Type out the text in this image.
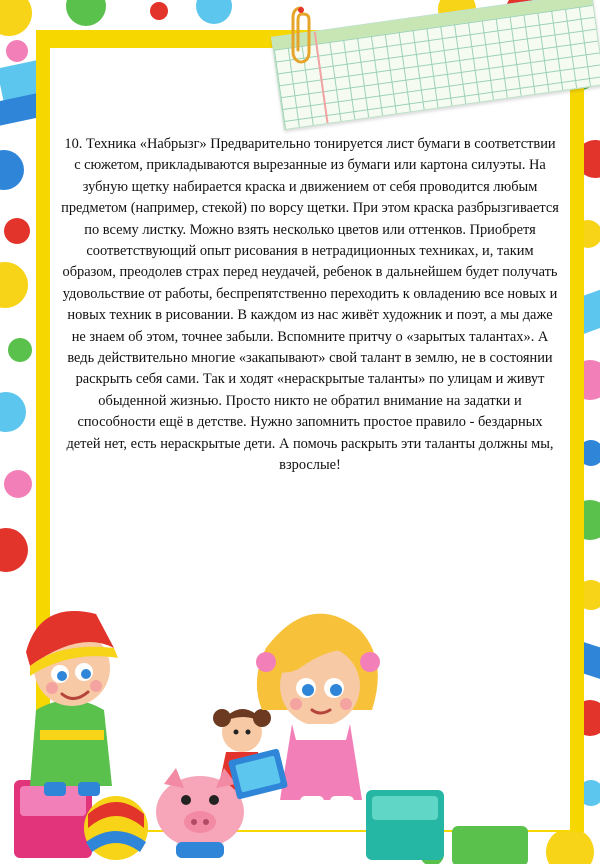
10. Техника «Набрызг» Предварительно тонируется лист бумаги в соответствии с сюжетом, прикладываются вырезанные из бумаги или картона силуэты. На зубную щетку набирается краска и движением от себя проводится любым предметом (например, стекой) по ворсу щетки. При этом краска разбрызгивается по всему листку. Можно взять несколько цветов или оттенков. Приобретя соответствующий опыт рисования в нетрадиционных техниках, и, таким образом, преодолев страх перед неудачей, ребенок в дальнейшем будет получать удовольствие от работы, беспрепятственно переходить к овладению все новых и новых техник в рисовании. В каждом из нас живёт художник и поэт, а мы даже не знаем об этом, точнее забыли. Вспомните притчу о «зарытых талантах». А ведь действительно многие «закапывают» свой талант в землю, не в состоянии раскрыть себя сами. Так и ходят «нераскрытые таланты» по улицам и живут обыденной жизнью. Просто никто не обратил внимание на задатки и способности ещё в детстве. Нужно запомнить простое правило - бездарных детей нет, есть нераскрытые дети. А помочь раскрыть эти таланты должны мы, взрослые!
